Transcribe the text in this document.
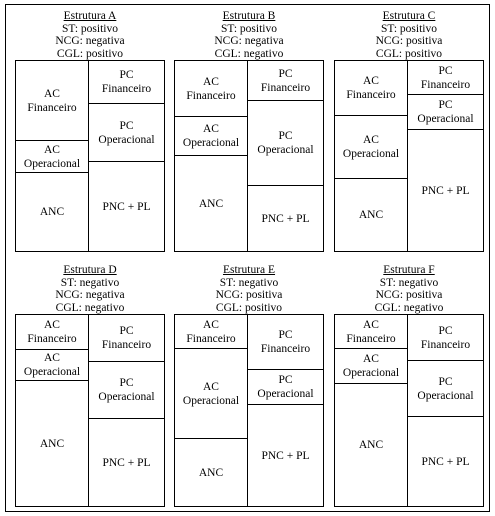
Estrutura A
ST: positivo
NCG: negativa
CGL: positivo
AC
Financeiro
AC
Operacional
ANC
PC
Financeiro
PC
Operacional
PNC + PL
Estrutura B
ST: positivo
NCG: negativa
CGL: negativo
AC
Financeiro
AC
Operacional
ANC
PC
Financeiro
PC
Operacional
PNC + PL
Estrutura C
ST: positivo
NCG: positiva
CGL: positivo
AC
Financeiro
AC
Operacional
ANC
PC
Financeiro
PC
Operacional
PNC + PL
Estrutura D
ST: negativo
NCG: negativa
CGL: negativo
AC
Financeiro
AC
Operacional
ANC
PC
Financeiro
PC
Operacional
PNC + PL
Estrutura E
ST: negativo
NCG: positiva
CGL: positivo
AC
Financeiro
AC
Operacional
ANC
PC
Financeiro
PC
Operacional
PNC + PL
Estrutura F
ST: negativo
NCG: positiva
CGL: negativo
AC
Financeiro
AC
Operacional
ANC
PC
Financeiro
PC
Operacional
PNC + PL
